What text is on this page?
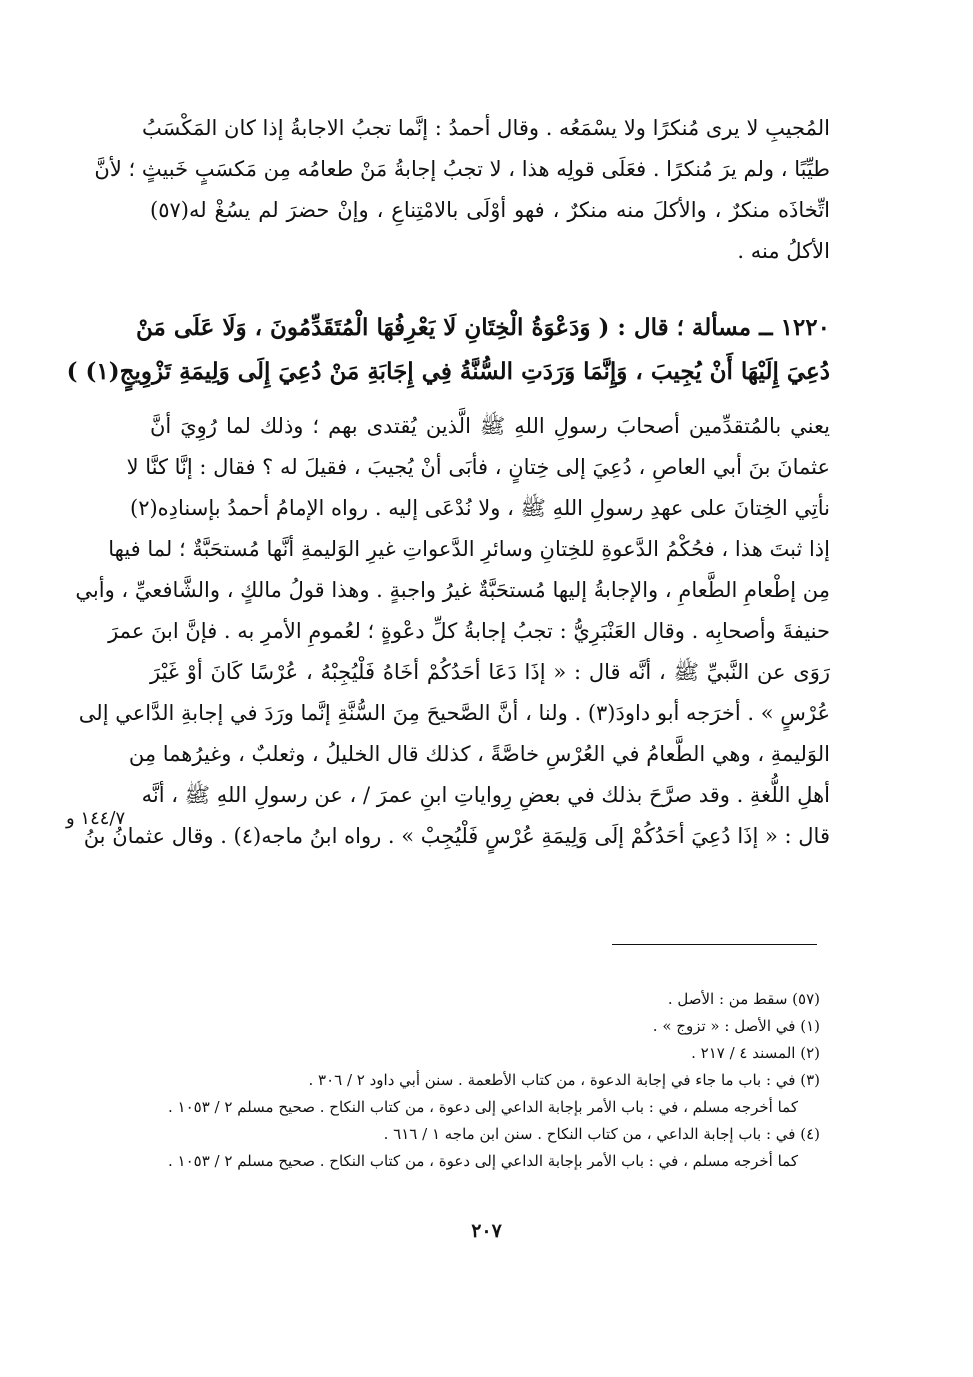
المُجيبِ لا يرى مُنكرًا ولا يسْمَعُه . وقال أحمدُ : إنَّما تجبُ الاجابةُ إذا كان المَكْسَبُ
طيِّبًا ، ولم يرَ مُنكرًا . فعَلَى قولِه هذا ، لا تجبُ إجابةُ مَنْ طعامُه مِن مَكسَبٍ خَبيثٍ ؛ لأنَّ
اتِّخاذَه منكرٌ ، والأكلَ منه منكرٌ ، فهو أوْلَى بالامْتِناعِ ، وإنْ حضرَ لم يسُغْ له(٥٧)
الأكلُ منه .
١٢٢٠ ــ مسألة ؛ قال : ( وَدَعْوَةُ الْخِتَانِ لَا يَعْرِفُهَا الْمُتَقَدِّمُونَ ، وَلَا عَلَى مَنْ
دُعِيَ إِلَيْهَا أَنْ يُجِيبَ ، وَإِنَّمَا وَرَدَتِ السُّنَّةُ فِي إِجَابَةِ مَنْ دُعِيَ إِلَى وَلِيمَةِ تَزْوِيجٍ(١) )
يعني بالمُتقدِّمين أصحابَ رسولِ اللهِ ﷺ الَّذين يُقتدى بهم ؛ وذلك لما رُوِيَ أنَّ
عثمانَ بنَ أبي العاصِ ، دُعِيَ إلى خِتانٍ ، فأبَى أنْ يُجيبَ ، فقيلَ له ؟ فقال : إنَّا كنَّا لا
نأتِي الخِتانَ على عهدِ رسولِ اللهِ ﷺ ، ولا نُدْعَى إليه . رواه الإمامُ أحمدُ بإسنادِه(٢)
إذا ثبتَ هذا ، فحُكْمُ الدَّعوةِ للخِتانِ وسائرِ الدَّعواتِ غيرِ الوَليمةِ أنَّها مُستحَبَّةٌ ؛ لما فيها
مِن إطْعامِ الطَّعامِ ، والإجابةُ إليها مُستحَبَّةٌ غيرُ واجبةٍ . وهذا قولُ مالكٍ ، والشَّافعيِّ ، وأبي
حنيفةَ وأصحابِه . وقال العَنْبَرِيُّ : تجبُ إجابةُ كلِّ دعْوةٍ ؛ لعُمومِ الأمرِ به . فإنَّ ابنَ عمرَ
رَوَى عن النَّبيِّ ﷺ ، أنَّه قال : « إذَا دَعَا أحَدُكُمْ أخَاهُ فَلْيُجِبْهُ ، عُرْسًا كَانَ أوْ غَيْرَ
عُرْسٍ » . أخرَجه أبو داودَ(٣) . ولنا ، أنَّ الصَّحيحَ مِنَ السُّنَّةِ إنَّما ورَدَ في إجابةِ الدَّاعي إلى
الوَليمةِ ، وهي الطَّعامُ في العُرْسِ خاصَّةً ، كذلك قال الخليلُ ، وثعلبٌ ، وغيرُهما مِن
أهلِ اللُّغةِ . وقد صرَّحَ بذلك في بعضِ رِواياتِ ابنِ عمرَ / ، عن رسولِ اللهِ ﷺ ، أنَّه
قال : « إذَا دُعِيَ أحَدُكُمْ إلَى وَلِيمَةِ عُرْسٍ فَلْيُجِبْ » . رواه ابنُ ماجه(٤) . وقال عثمانُ بنُ
١٤٤/٧ و
(٥٧) سقط من : الأصل .
(١) في الأصل : « تزوج » .
(٢) المسند ٤ / ٢١٧ .
(٣) في : باب ما جاء في إجابة الدعوة ، من كتاب الأطعمة . سنن أبي داود ٢ / ٣٠٦ .
كما أخرجه مسلم ، في : باب الأمر بإجابة الداعي إلى دعوة ، من كتاب النكاح . صحيح مسلم ٢ / ١٠٥٣ .
(٤) في : باب إجابة الداعي ، من كتاب النكاح . سنن ابن ماجه ١ / ٦١٦ .
كما أخرجه مسلم ، في : باب الأمر بإجابة الداعي إلى دعوة ، من كتاب النكاح . صحيح مسلم ٢ / ١٠٥٣ .
٢٠٧
